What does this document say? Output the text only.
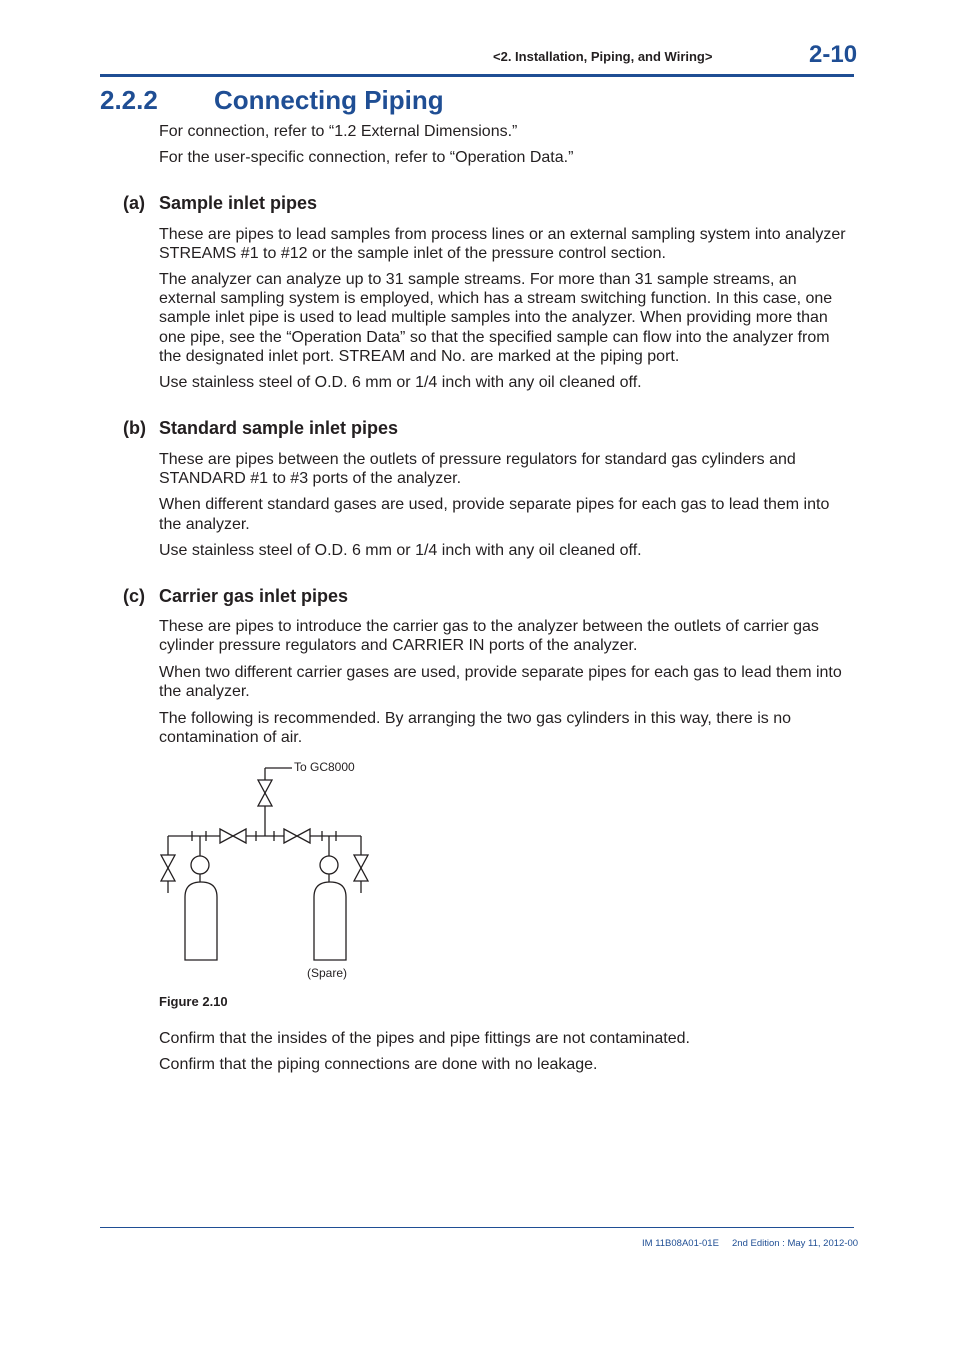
<2. Installation, Piping, and Wiring>	2-10
2.2.2 Connecting Piping
For connection, refer to “1.2 External Dimensions.”
For the user-specific connection, refer to “Operation Data.”
(a) Sample inlet pipes
These are pipes to lead samples from process lines or an external sampling system into analyzer
STREAMS #1 to #12 or the sample inlet of the pressure control section.
The analyzer can analyze up to 31 sample streams. For more than 31 sample streams, an
external sampling system is employed, which has a stream switching function. In this case, one
sample inlet pipe is used to lead multiple samples into the analyzer. When providing more than
one pipe, see the “Operation Data” so that the specified sample can flow into the analyzer from
the designated inlet port. STREAM and No. are marked at the piping port.
Use stainless steel of O.D. 6 mm or 1/4 inch with any oil cleaned off.
(b) Standard sample inlet pipes
These are pipes between the outlets of pressure regulators for standard gas cylinders and
STANDARD #1 to #3 ports of the analyzer.
When different standard gases are used, provide separate pipes for each gas to lead them into
the analyzer.
Use stainless steel of O.D. 6 mm or 1/4 inch with any oil cleaned off.
(c) Carrier gas inlet pipes
These are pipes to introduce the carrier gas to the analyzer between the outlets of carrier gas
cylinder pressure regulators and CARRIER IN ports of the analyzer.
When two different carrier gases are used, provide separate pipes for each gas to lead them into
the analyzer.
The following is recommended. By arranging the two gas cylinders in this way, there is no
contamination of air.
To GC8000
(Spare)
Figure 2.10
Confirm that the insides of the pipes and pipe fittings are not contaminated.
Confirm that the piping connections are done with no leakage.
IM 11B08A01-01E 2nd Edition : May 11, 2012-00
